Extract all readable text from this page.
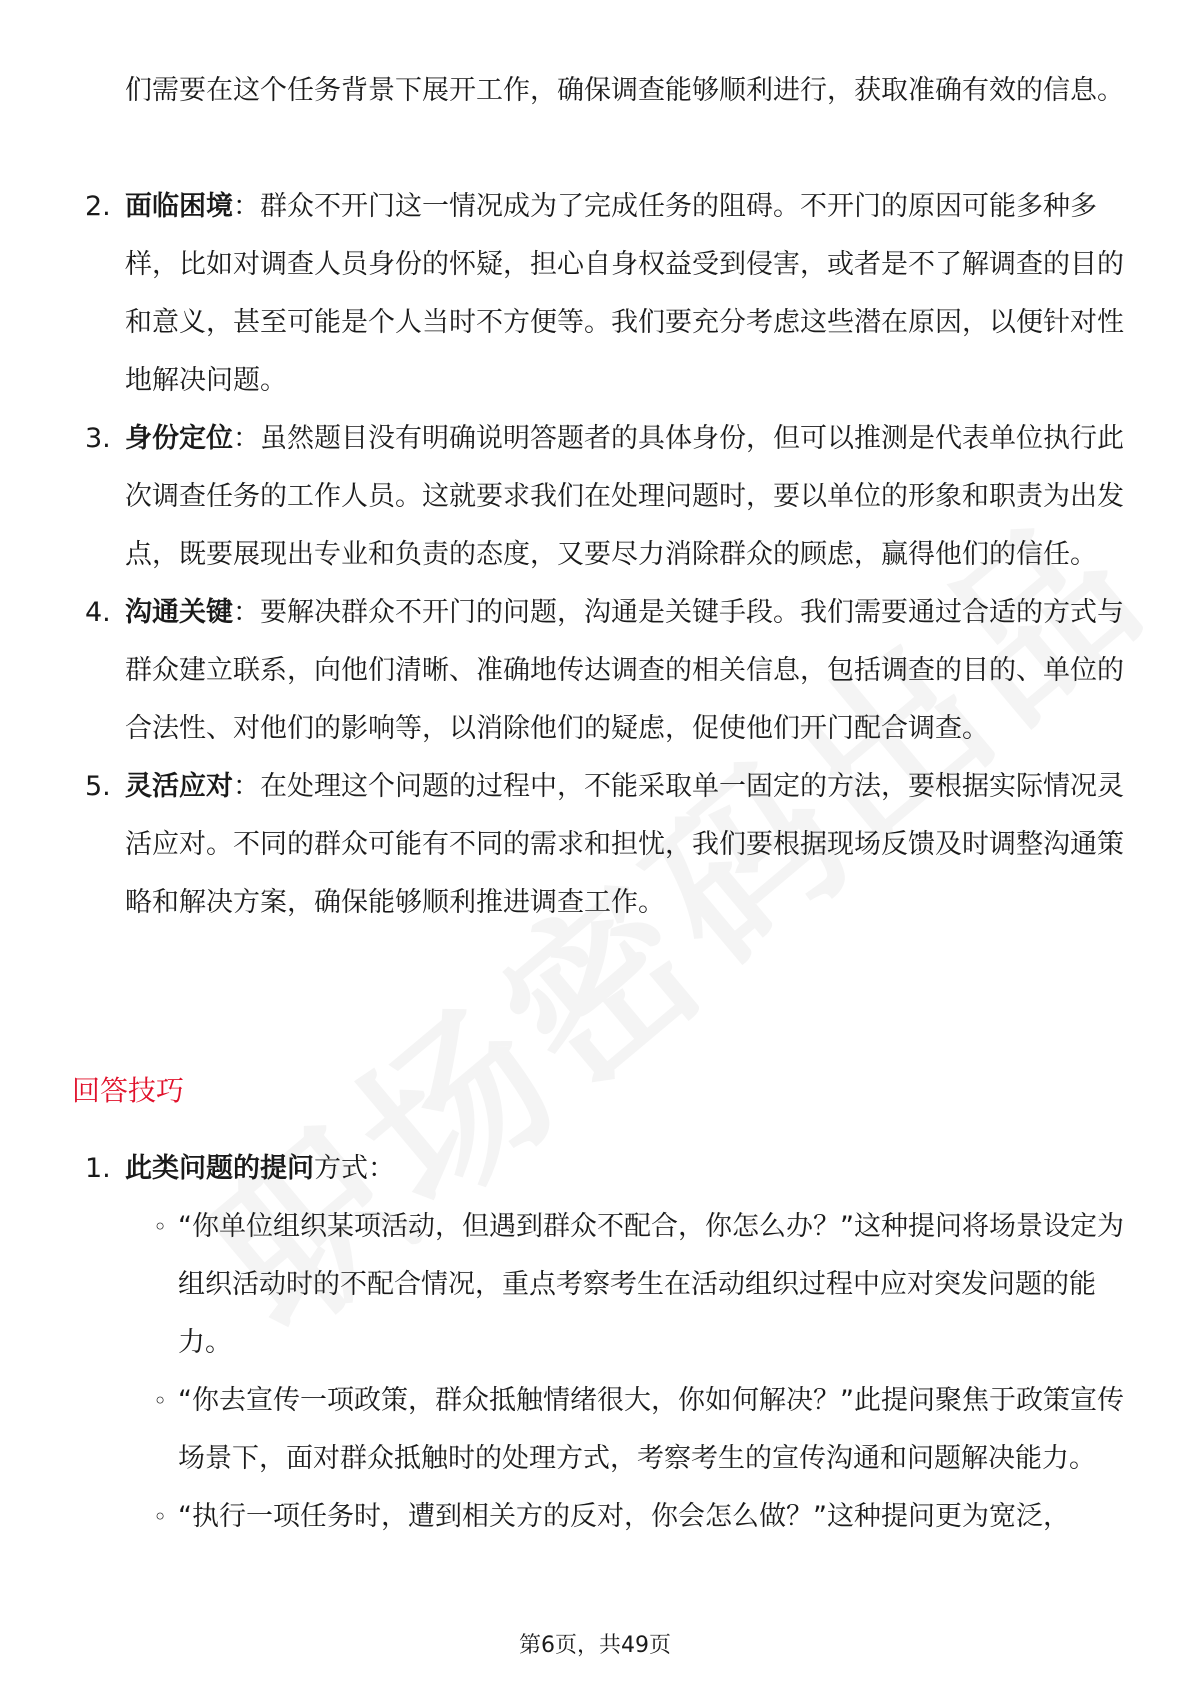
们需要在这个任务背景下展开工作，确保调查能够顺利进行，获取准确有效的信息。
2. 面临困境：群众不开门这一情况成为了完成任务的阻碍。不开门的原因可能多种多样，比如对调查人员身份的怀疑，担心自身权益受到侵害，或者是不了解调查的目的和意义，甚至可能是个人当时不方便等。我们要充分考虑这些潜在原因，以便针对性地解决问题。
3. 身份定位：虽然题目没有明确说明答题者的具体身份，但可以推测是代表单位执行此次调查任务的工作人员。这就要求我们在处理问题时，要以单位的形象和职责为出发点，既要展现出专业和负责的态度，又要尽力消除群众的顾虑，赢得他们的信任。
4. 沟通关键：要解决群众不开门的问题，沟通是关键手段。我们需要通过合适的方式与群众建立联系，向他们清晰、准确地传达调查的相关信息，包括调查的目的、单位的合法性、对他们的影响等，以消除他们的疑虑，促使他们开门配合调查。
5. 灵活应对：在处理这个问题的过程中，不能采取单一固定的方法，要根据实际情况灵活应对。不同的群众可能有不同的需求和担忧，我们要根据现场反馈及时调整沟通策略和解决方案，确保能够顺利推进调查工作。
回答技巧
1. 此类问题的提问方式：
◦ “你单位组织某项活动，但遇到群众不配合，你怎么办？”这种提问将场景设定为组织活动时的不配合情况，重点考察考生在活动组织过程中应对突发问题的能力。
◦ “你去宣传一项政策，群众抵触情绪很大，你如何解决？”此提问聚焦于政策宣传场景下，面对群众抵触时的处理方式，考察考生的宣传沟通和问题解决能力。
◦ “执行一项任务时，遭到相关方的反对，你会怎么做？”这种提问更为宽泛，
第6页，共49页
